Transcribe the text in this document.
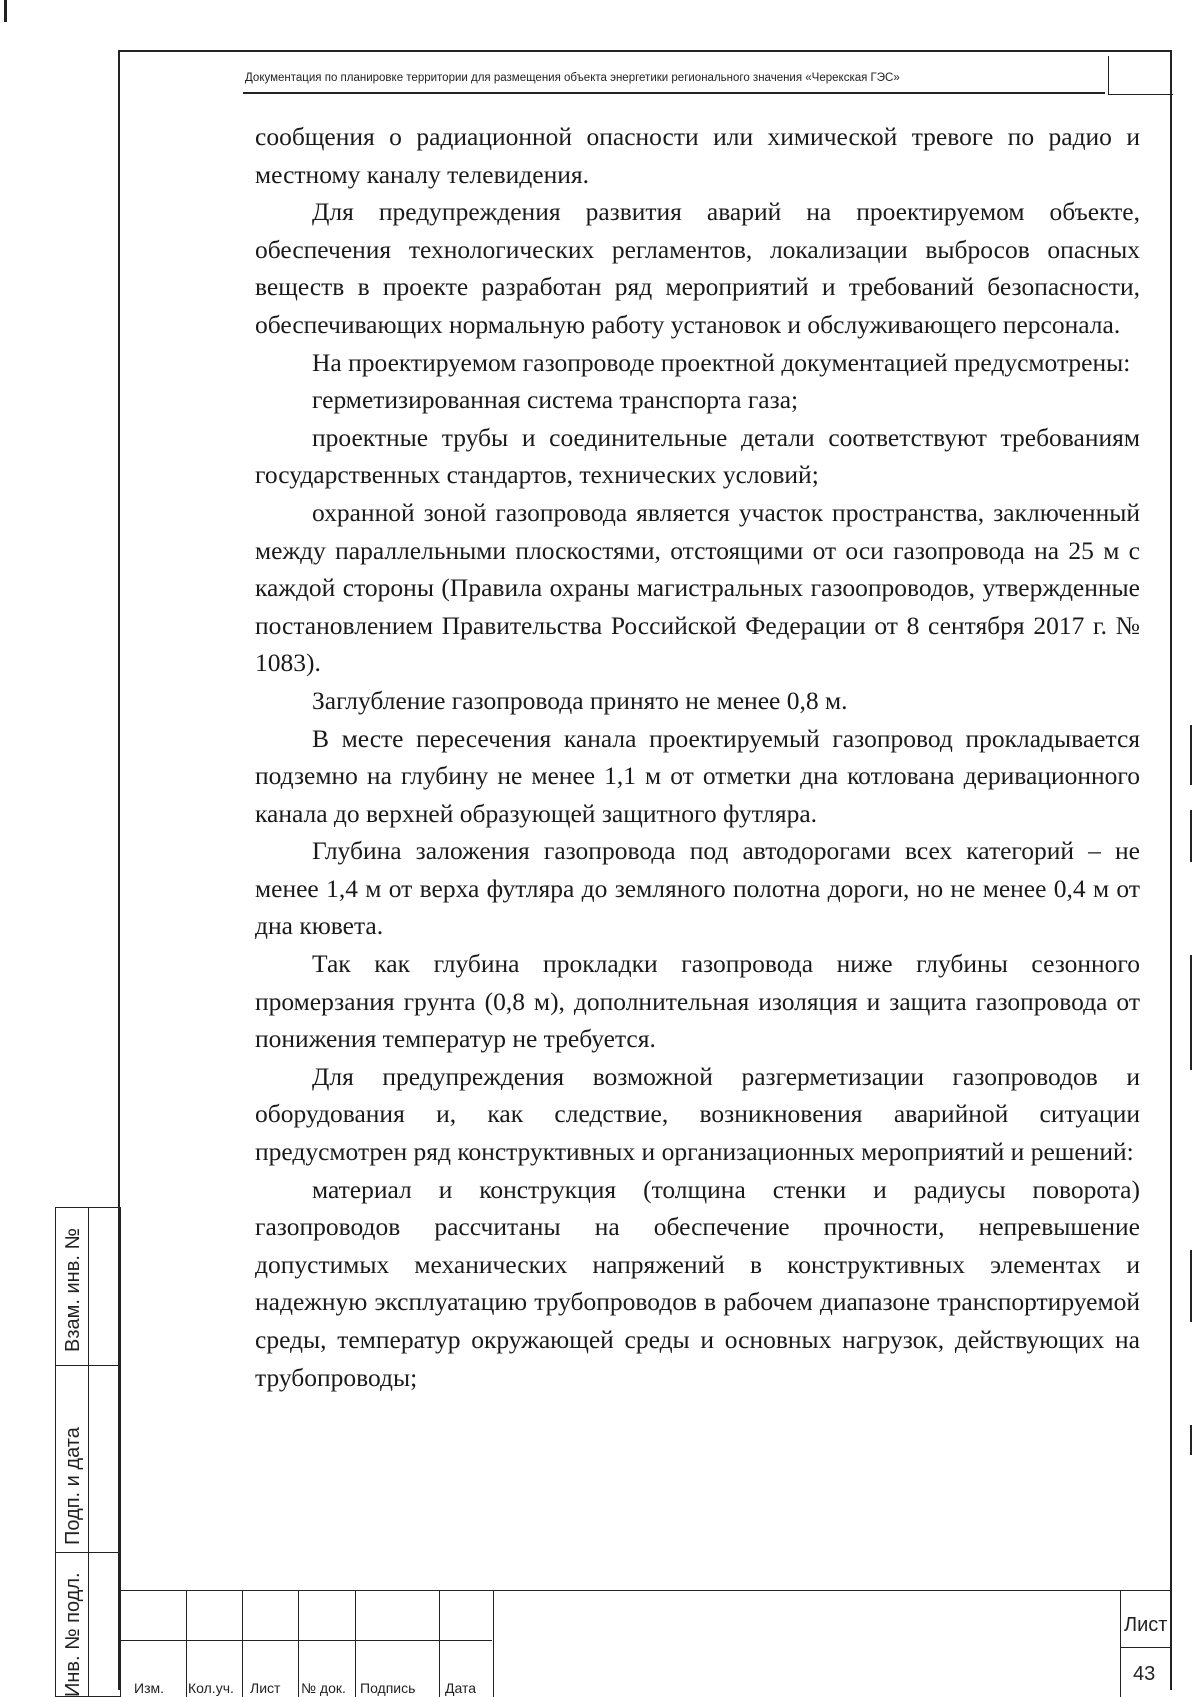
Документация по планировке территории для размещения объекта энергетики регионального значения «Черекская ГЭС»

сообщения о радиационной опасности или химической тревоге по радио и местному каналу телевидения.

Для предупреждения развития аварий на проектируемом объекте, обеспечения технологических регламентов, локализации выбросов опасных веществ в проекте разработан ряд мероприятий и требований безопасности, обеспечивающих нормальную работу установок и обслуживающего персонала.

На проектируемом газопроводе проектной документацией предусмотрены:

герметизированная система транспорта газа;

проектные трубы и соединительные детали соответствуют требованиям государственных стандартов, технических условий;

охранной зоной газопровода является участок пространства, заключенный между параллельными плоскостями, отстоящими от оси газопровода на 25 м с каждой стороны (Правила охраны магистральных газоопроводов, утвержденные постановлением Правительства Российской Федерации от 8 сентября 2017 г. № 1083).

Заглубление газопровода принято не менее 0,8 м.

В месте пересечения канала проектируемый газопровод прокладывается подземно на глубину не менее 1,1 м от отметки дна котлована деривационного канала до верхней образующей защитного футляра.

Глубина заложения газопровода под автодорогами всех категорий – не менее 1,4 м от верха футляра до земляного полотна дороги, но не менее 0,4 м от дна кювета.

Так как глубина прокладки газопровода ниже глубины сезонного промерзания грунта (0,8 м), дополнительная изоляция и защита газопровода от понижения температур не требуется.

Для предупреждения возможной разгерметизации газопроводов и оборудования и, как следствие, возникновения аварийной ситуации предусмотрен ряд конструктивных и организационных мероприятий и решений:

материал и конструкция (толщина стенки и радиусы поворота) газопроводов рассчитаны на обеспечение прочности, непревышение допустимых механических напряжений в конструктивных элементах и надежную эксплуатацию трубопроводов в рабочем диапазоне транспортируемой среды, температур окружающей среды и основных нагрузок, действующих на трубопроводы;

Взам. инв. №
Подп. и дата
Инв. № подл.	Изм. Кол.уч. Лист № док. Подпись Дата
Лист
43
